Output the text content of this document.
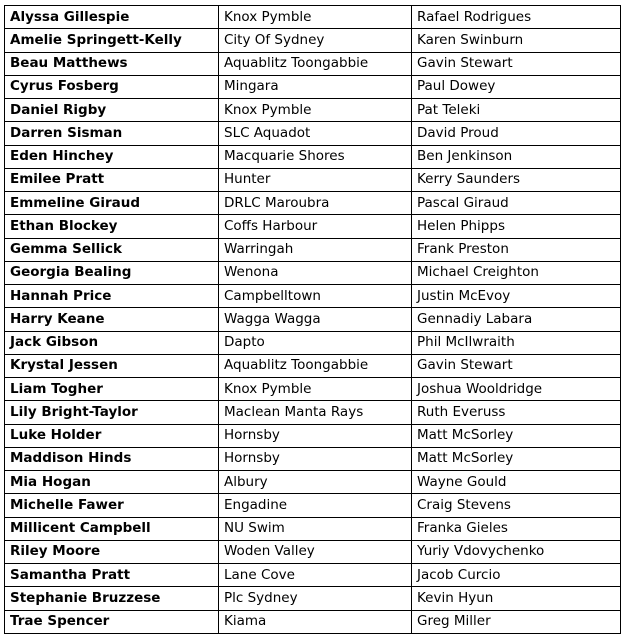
Alyssa Gillespie	Knox Pymble	Rafael Rodrigues
Amelie Springett-Kelly	City Of Sydney	Karen Swinburn
Beau Matthews	Aquablitz Toongabbie	Gavin Stewart
Cyrus Fosberg	Mingara	Paul Dowey
Daniel Rigby	Knox Pymble	Pat Teleki
Darren Sisman	SLC Aquadot	David Proud
Eden Hinchey	Macquarie Shores	Ben Jenkinson
Emilee Pratt	Hunter	Kerry Saunders
Emmeline Giraud	DRLC Maroubra	Pascal Giraud
Ethan Blockey	Coffs Harbour	Helen Phipps
Gemma Sellick	Warringah	Frank Preston
Georgia Bealing	Wenona	Michael Creighton
Hannah Price	Campbelltown	Justin McEvoy
Harry Keane	Wagga Wagga	Gennadiy Labara
Jack Gibson	Dapto	Phil McIlwraith
Krystal Jessen	Aquablitz Toongabbie	Gavin Stewart
Liam Togher	Knox Pymble	Joshua Wooldridge
Lily Bright-Taylor	Maclean Manta Rays	Ruth Everuss
Luke Holder	Hornsby	Matt McSorley
Maddison Hinds	Hornsby	Matt McSorley
Mia Hogan	Albury	Wayne Gould
Michelle Fawer	Engadine	Craig Stevens
Millicent Campbell	NU Swim	Franka Gieles
Riley Moore	Woden Valley	Yuriy Vdovychenko
Samantha Pratt	Lane Cove	Jacob Curcio
Stephanie Bruzzese	Plc Sydney	Kevin Hyun
Trae Spencer	Kiama	Greg Miller
